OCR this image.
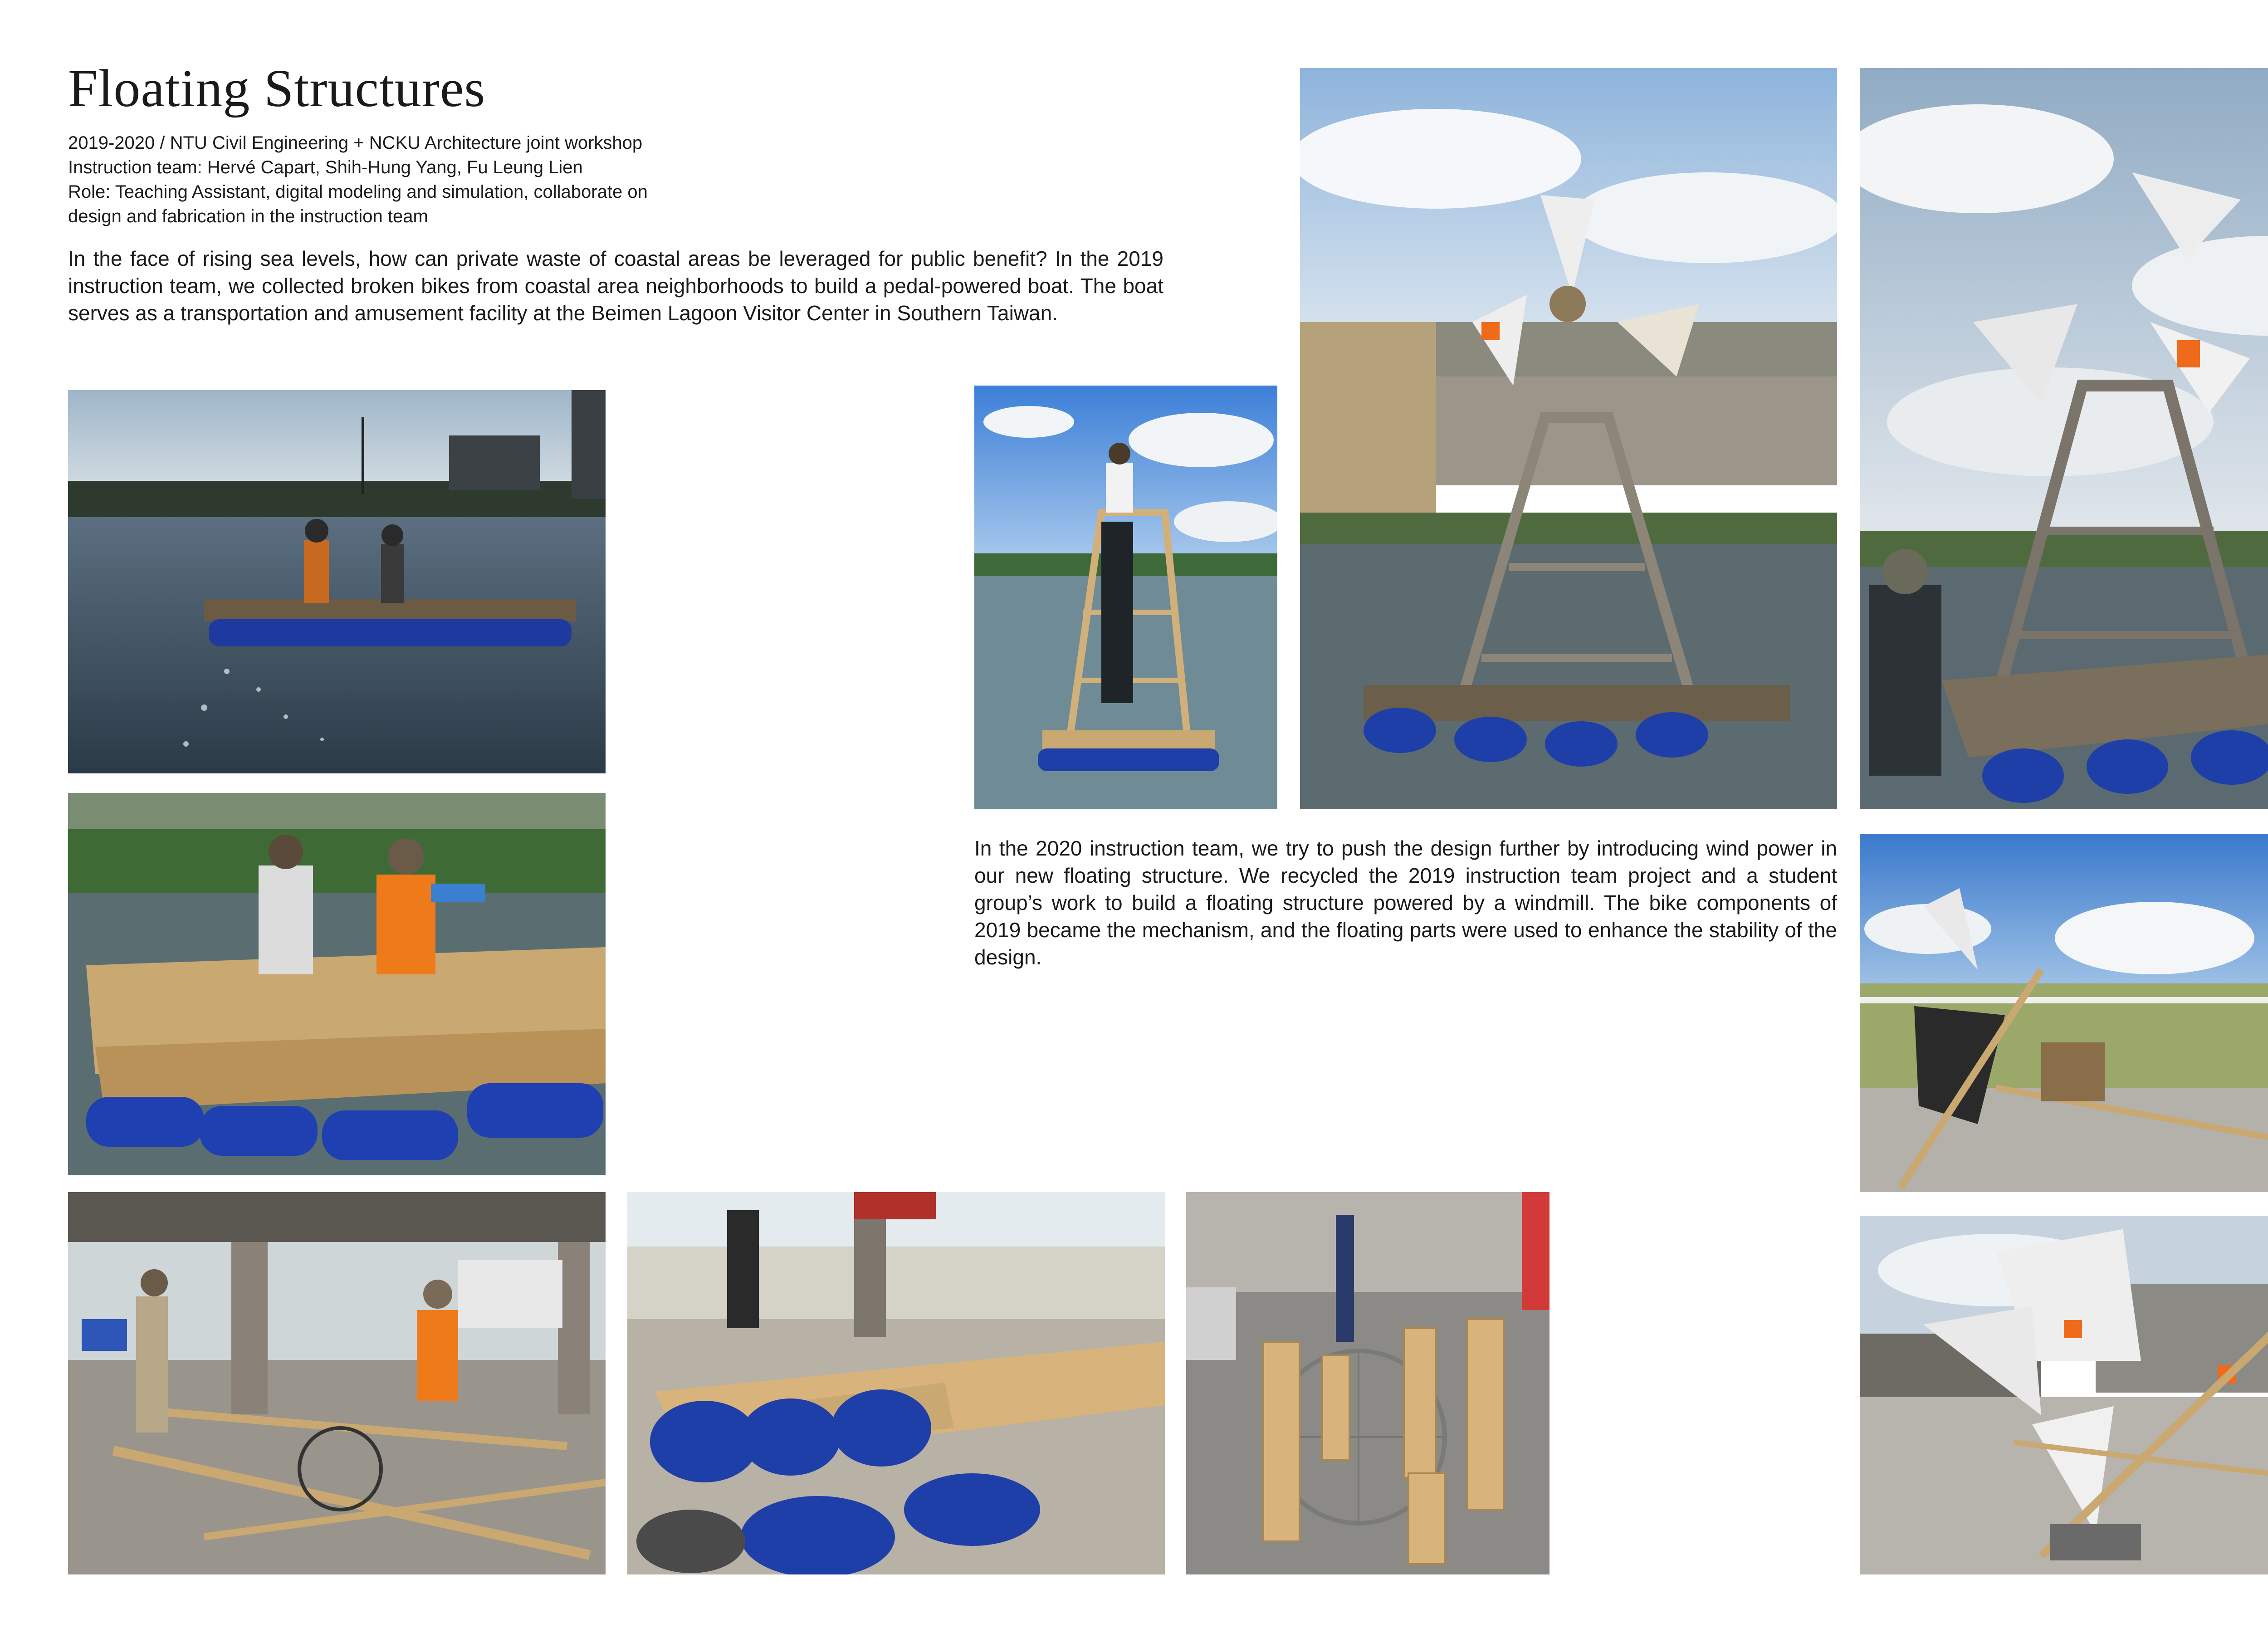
Floating Structures
2019-2020 / NTU Civil Engineering + NCKU Architecture joint workshop
Instruction team: Hervé Capart, Shih-Hung Yang, Fu Leung Lien
Role: Teaching Assistant, digital modeling and simulation, collaborate on
design and fabrication in the instruction team

In the face of rising sea levels, how can private waste of coastal areas be leveraged for public benefit? In the 2019 instruction team, we collected broken bikes from coastal area neighborhoods to build a pedal-powered boat. The boat serves as a transportation and amusement facility at the Beimen Lagoon Visitor Center in Southern Taiwan.

In the 2020 instruction team, we try to push the design further by introducing wind power in our new floating structure. We recycled the 2019 instruction team project and a student group’s work to build a floating structure powered by a windmill. The bike components of 2019 became the mechanism, and the floating parts were used to enhance the stability of the design.
